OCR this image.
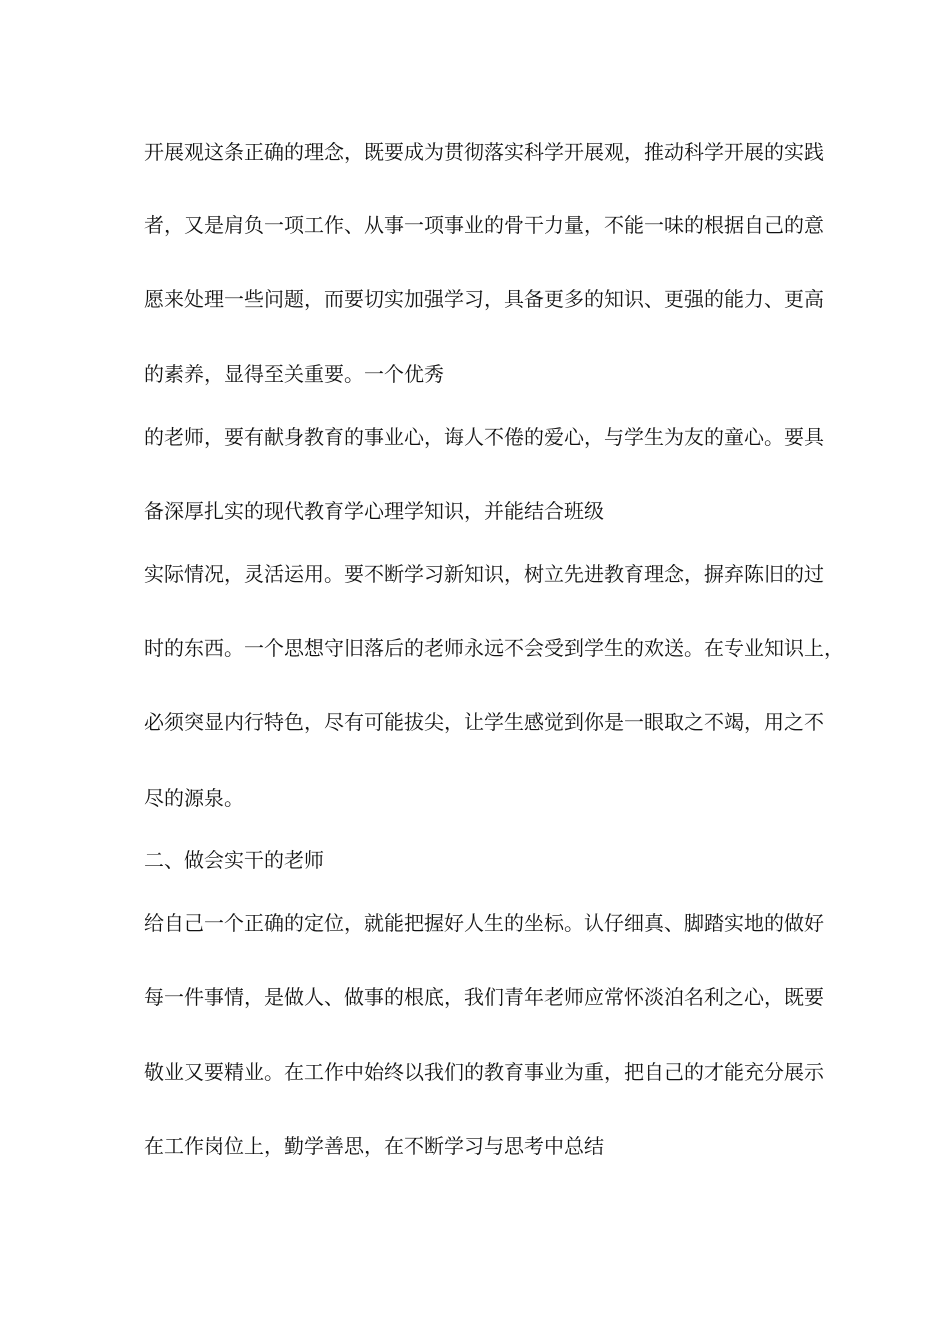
开展观这条正确的理念，既要成为贯彻落实科学开展观，推动科学开展的实践
者，又是肩负一项工作、从事一项事业的骨干力量，不能一味的根据自己的意
愿来处理一些问题，而要切实加强学习，具备更多的知识、更强的能力、更高
的素养，显得至关重要。一个优秀
的老师，要有献身教育的事业心，诲人不倦的爱心，与学生为友的童心。要具
备深厚扎实的现代教育学心理学知识，并能结合班级
实际情况，灵活运用。要不断学习新知识，树立先进教育理念，摒弃陈旧的过
时的东西。一个思想守旧落后的老师永远不会受到学生的欢送。在专业知识上，
必须突显内行特色，尽有可能拔尖，让学生感觉到你是一眼取之不竭，用之不
尽的源泉。
二、做会实干的老师
给自己一个正确的定位，就能把握好人生的坐标。认仔细真、脚踏实地的做好
每一件事情，是做人、做事的根底，我们青年老师应常怀淡泊名利之心，既要
敬业又要精业。在工作中始终以我们的教育事业为重，把自己的才能充分展示
在工作岗位上，勤学善思，在不断学习与思考中总结
